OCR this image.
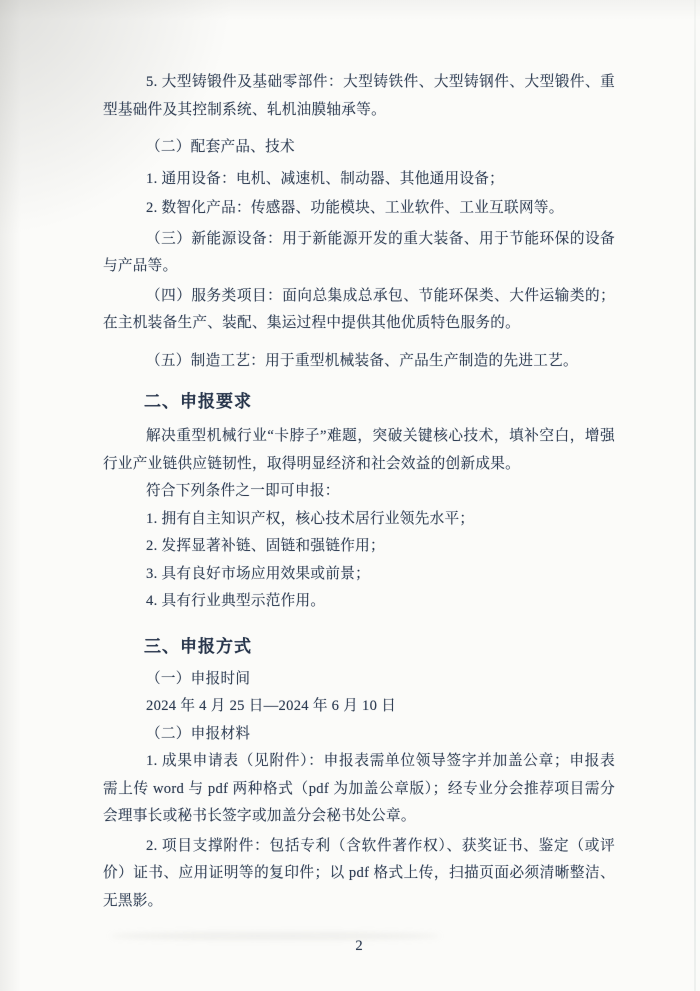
5. 大型铸锻件及基础零部件：大型铸铁件、大型铸钢件、大型锻件、重型基础件及其控制系统、轧机油膜轴承等。

（二）配套产品、技术

1. 通用设备：电机、减速机、制动器、其他通用设备；

2. 数智化产品：传感器、功能模块、工业软件、工业互联网等。

（三）新能源设备：用于新能源开发的重大装备、用于节能环保的设备与产品等。

（四）服务类项目：面向总集成总承包、节能环保类、大件运输类的；在主机装备生产、装配、集运过程中提供其他优质特色服务的。

（五）制造工艺：用于重型机械装备、产品生产制造的先进工艺。

二、申报要求

解决重型机械行业“卡脖子”难题，突破关键核心技术，填补空白，增强行业产业链供应链韧性，取得明显经济和社会效益的创新成果。

符合下列条件之一即可申报：

1. 拥有自主知识产权，核心技术居行业领先水平；

2. 发挥显著补链、固链和强链作用；

3. 具有良好市场应用效果或前景；

4. 具有行业典型示范作用。

三、申报方式

（一）申报时间

2024 年 4 月 25 日—2024 年 6 月 10 日

（二）申报材料

1. 成果申请表（见附件）：申报表需单位领导签字并加盖公章；申报表需上传 word 与 pdf 两种格式（pdf 为加盖公章版）；经专业分会推荐项目需分会理事长或秘书长签字或加盖分会秘书处公章。

2. 项目支撑附件：包括专利（含软件著作权）、获奖证书、鉴定（或评价）证书、应用证明等的复印件；以 pdf 格式上传，扫描页面必须清晰整洁、无黑影。

2
